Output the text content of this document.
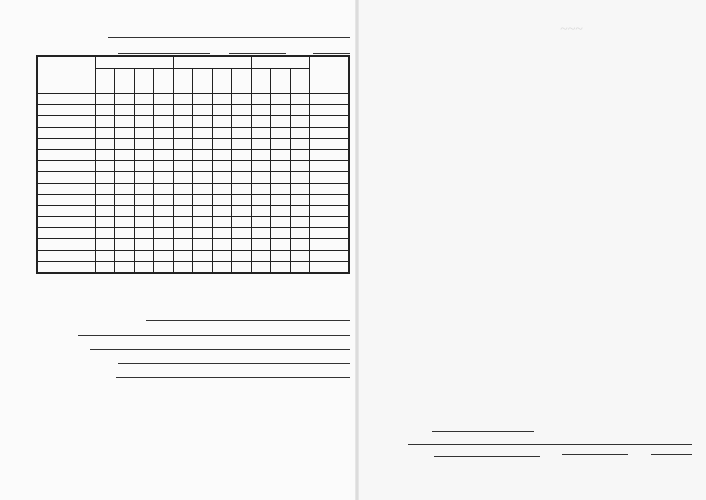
~~~
